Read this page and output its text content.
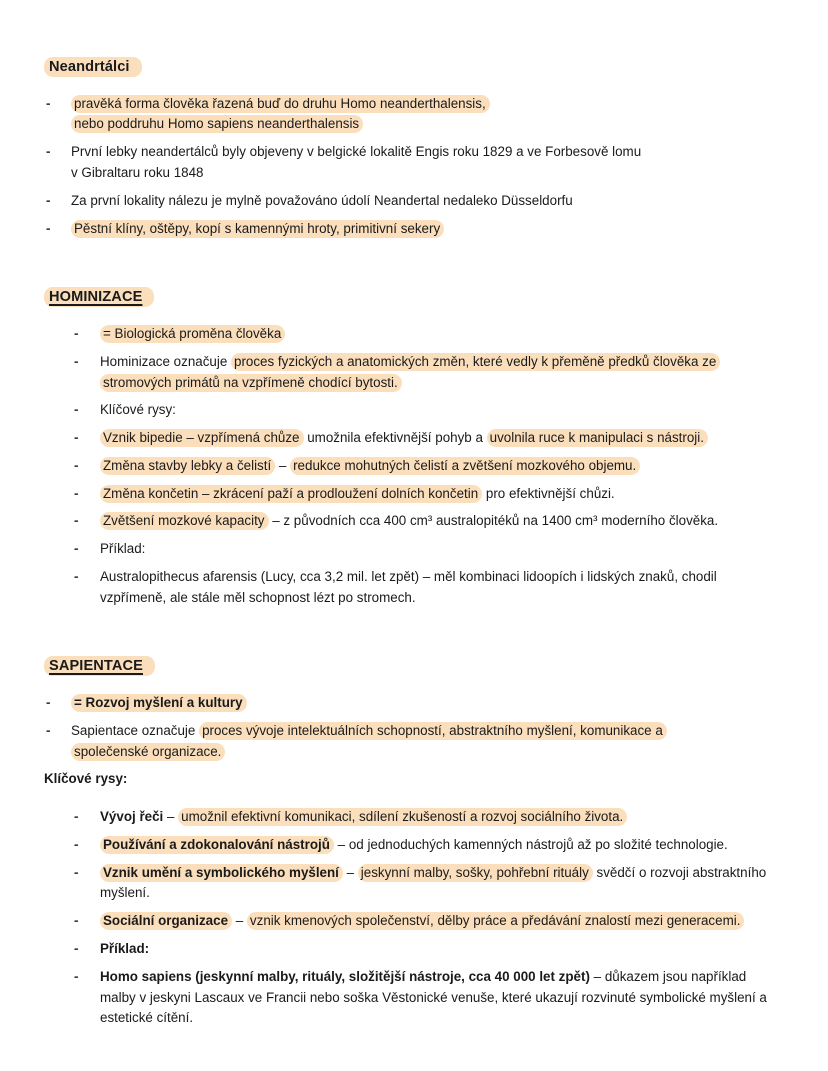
Neandrtálci
-	pravěká forma člověka řazená buď do druhu Homo neanderthalensis,
nebo poddruhu Homo sapiens neanderthalensis
-	První lebky neandertálců byly objeveny v belgické lokalitě Engis roku 1829 a ve Forbesově lomu
v Gibraltaru roku 1848
-	Za první lokality nálezu je mylně považováno údolí Neandertal nedaleko Düsseldorfu
-	Pěstní klíny, oštěpy, kopí s kamennými hroty, primitivní sekery
HOMINIZACE
-	= Biologická proměna člověka
-	Hominizace označuje proces fyzických a anatomických změn, které vedly k přeměně předků člověka ze
stromových primátů na vzpřímeně chodící bytosti.
-	Klíčové rysy:
-	Vznik bipedie – vzpřímená chůze umožnila efektivnější pohyb a uvolnila ruce k manipulaci s nástroji.
-	Změna stavby lebky a čelistí – redukce mohutných čelistí a zvětšení mozkového objemu.
-	Změna končetin – zkrácení paží a prodloužení dolních končetin pro efektivnější chůzi.
-	Zvětšení mozkové kapacity – z původních cca 400 cm³ australopitéků na 1400 cm³ moderního člověka.
-	Příklad:
-	Australopithecus afarensis (Lucy, cca 3,2 mil. let zpět) – měl kombinaci lidoopích i lidských znaků, chodil
vzpřímeně, ale stále měl schopnost lézt po stromech.
SAPIENTACE
-	= Rozvoj myšlení a kultury
-	Sapientace označuje proces vývoje intelektuálních schopností, abstraktního myšlení, komunikace a
společenské organizace.
Klíčové rysy:
-	Vývoj řeči – umožnil efektivní komunikaci, sdílení zkušeností a rozvoj sociálního života.
-	Používání a zdokonalování nástrojů – od jednoduchých kamenných nástrojů až po složité technologie.
-	Vznik umění a symbolického myšlení – jeskynní malby, sošky, pohřební rituály svědčí o rozvoji abstraktního myšlení.
-	Sociální organizace – vznik kmenových společenství, dělby práce a předávání znalostí mezi generacemi.
-	Příklad:
-	Homo sapiens (jeskynní malby, rituály, složitější nástroje, cca 40 000 let zpět) – důkazem jsou například malby v jeskyni Lascaux ve Francii nebo soška Věstonické venuše, které ukazují rozvinuté symbolické myšlení a estetické cítění.
